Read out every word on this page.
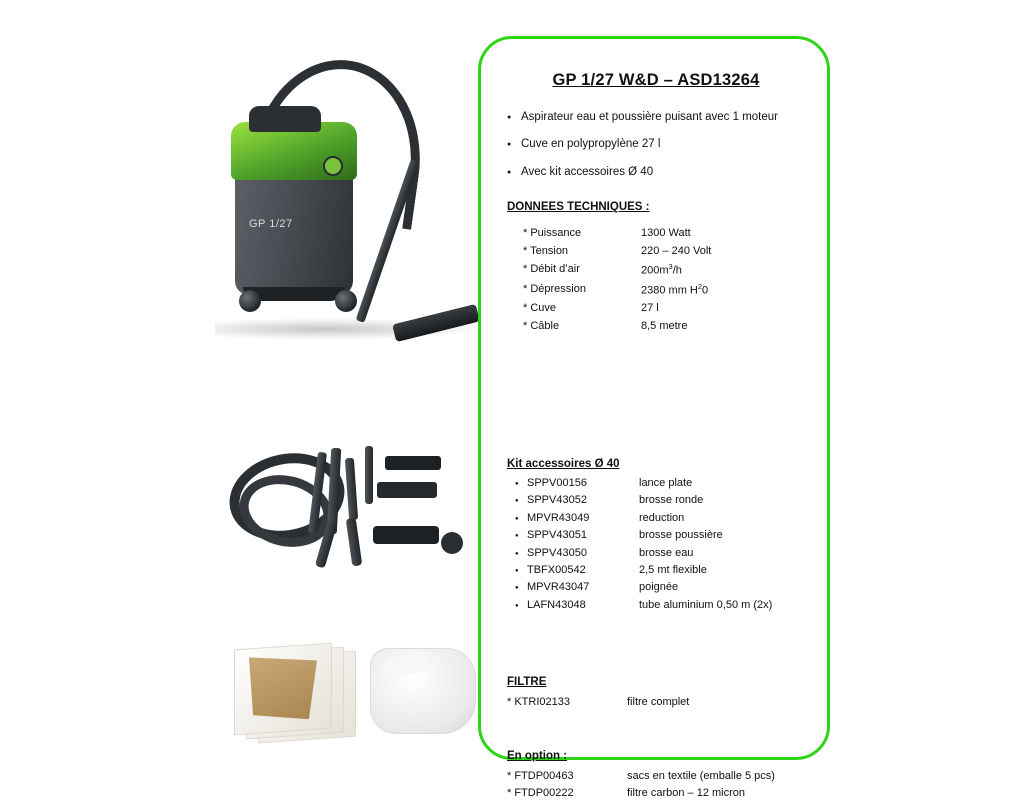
GP 1/27
GP 1/27 W&D – ASD13264
● Aspirateur eau et poussière puisant avec 1 moteur
● Cuve en polypropylène 27 l
● Avec kit accessoires Ø 40
DONNEES TECHNIQUES :
* Puissance	1300 Watt
* Tension	220 – 240 Volt
* Débit d’air	$200m^3/h$
* Dépression	2380 mm $H^20$
* Cuve	27 l
* Câble	8,5 metre
Kit accessoires Ø 40
● SPPV00156	lance plate
● SPPV43052	brosse ronde
● MPVR43049	reduction
● SPPV43051	brosse poussière
● SPPV43050	brosse eau
● TBFX00542	2,5 mt flexible
● MPVR43047	poignée
● LAFN43048	tube aluminium 0,50 m (2x)
FILTRE
* KTRI02133	filtre complet
En option :
* FTDP00463	sacs en textile (emballe 5 pcs)
* FTDP00222	filtre carbon – 12 micron
